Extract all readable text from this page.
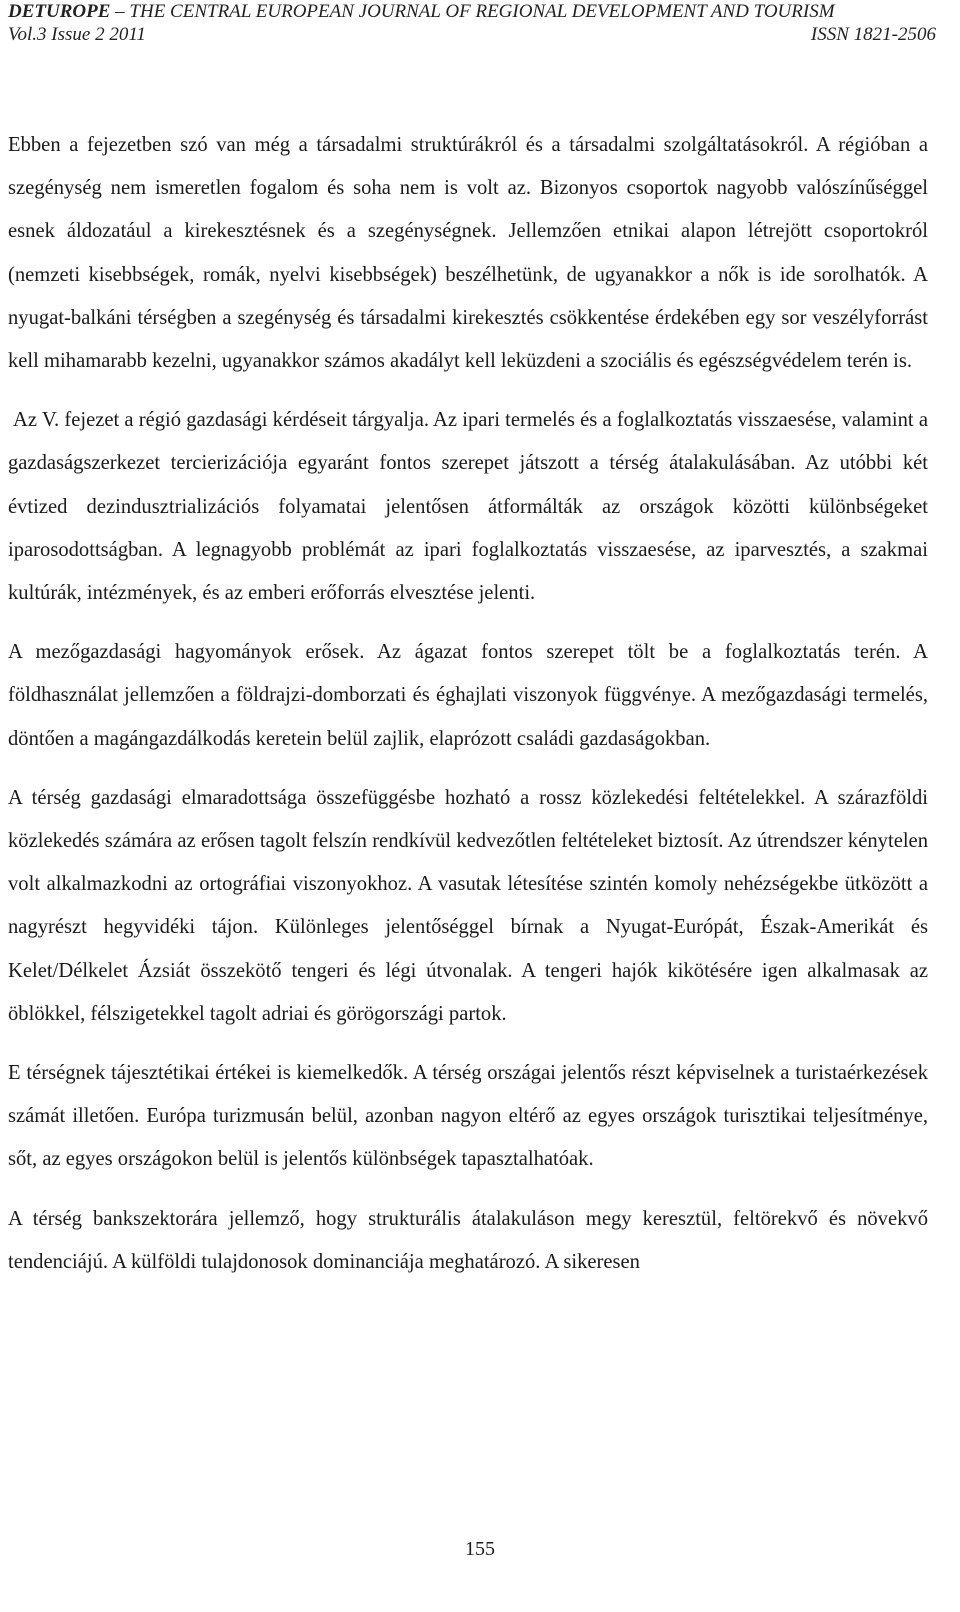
DETUROPE – THE CENTRAL EUROPEAN JOURNAL OF REGIONAL DEVELOPMENT AND TOURISM
Vol.3 Issue 2 2011	ISSN 1821-2506

Ebben a fejezetben szó van még a társadalmi struktúrákról és a társadalmi szolgáltatásokról. A régióban a szegénység nem ismeretlen fogalom és soha nem is volt az. Bizonyos csoportok nagyobb valószínűséggel esnek áldozatául a kirekesztésnek és a szegénységnek. Jellemzően etnikai alapon létrejött csoportokról (nemzeti kisebbségek, romák, nyelvi kisebbségek) beszélhetünk, de ugyanakkor a nők is ide sorolhatók. A nyugat-balkáni térségben a szegénység és társadalmi kirekesztés csökkentése érdekében egy sor veszélyforrást kell mihamarabb kezelni, ugyanakkor számos akadályt kell leküzdeni a szociális és egészségvédelem terén is.

Az V. fejezet a régió gazdasági kérdéseit tárgyalja. Az ipari termelés és a foglalkoztatás visszaesése, valamint a gazdaságszerkezet tercierizációja egyaránt fontos szerepet játszott a térség átalakulásában. Az utóbbi két évtized dezindusztrializációs folyamatai jelentősen átformálták az országok közötti különbségeket iparosodottságban. A legnagyobb problémát az ipari foglalkoztatás visszaesése, az iparvesztés, a szakmai kultúrák, intézmények, és az emberi erőforrás elvesztése jelenti.

A mezőgazdasági hagyományok erősek. Az ágazat fontos szerepet tölt be a foglalkoztatás terén. A földhasználat jellemzően a földrajzi-domborzati és éghajlati viszonyok függvénye. A mezőgazdasági termelés, döntően a magángazdálkodás keretein belül zajlik, elaprózott családi gazdaságokban.

A térség gazdasági elmaradottsága összefüggésbe hozható a rossz közlekedési feltételekkel. A szárazföldi közlekedés számára az erősen tagolt felszín rendkívül kedvezőtlen feltételeket biztosít. Az útrendszer kénytelen volt alkalmazkodni az ortográfiai viszonyokhoz. A vasutak létesítése szintén komoly nehézségekbe ütközött a nagyrészt hegyvidéki tájon. Különleges jelentőséggel bírnak a Nyugat-Európát, Észak-Amerikát és Kelet/Délkelet Ázsiát összekötő tengeri és légi útvonalak. A tengeri hajók kikötésére igen alkalmasak az öblökkel, félszigetekkel tagolt adriai és görögországi partok.

E térségnek tájesztétikai értékei is kiemelkedők. A térség országai jelentős részt képviselnek a turistaérkezések számát illetően. Európa turizmusán belül, azonban nagyon eltérő az egyes országok turisztikai teljesítménye, sőt, az egyes országokon belül is jelentős különbségek tapasztalhatóak.

A térség bankszektorára jellemző, hogy strukturális átalakuláson megy keresztül, feltörekvő és növekvő tendenciájú. A külföldi tulajdonosok dominanciája meghatározó. A sikeresen

155
